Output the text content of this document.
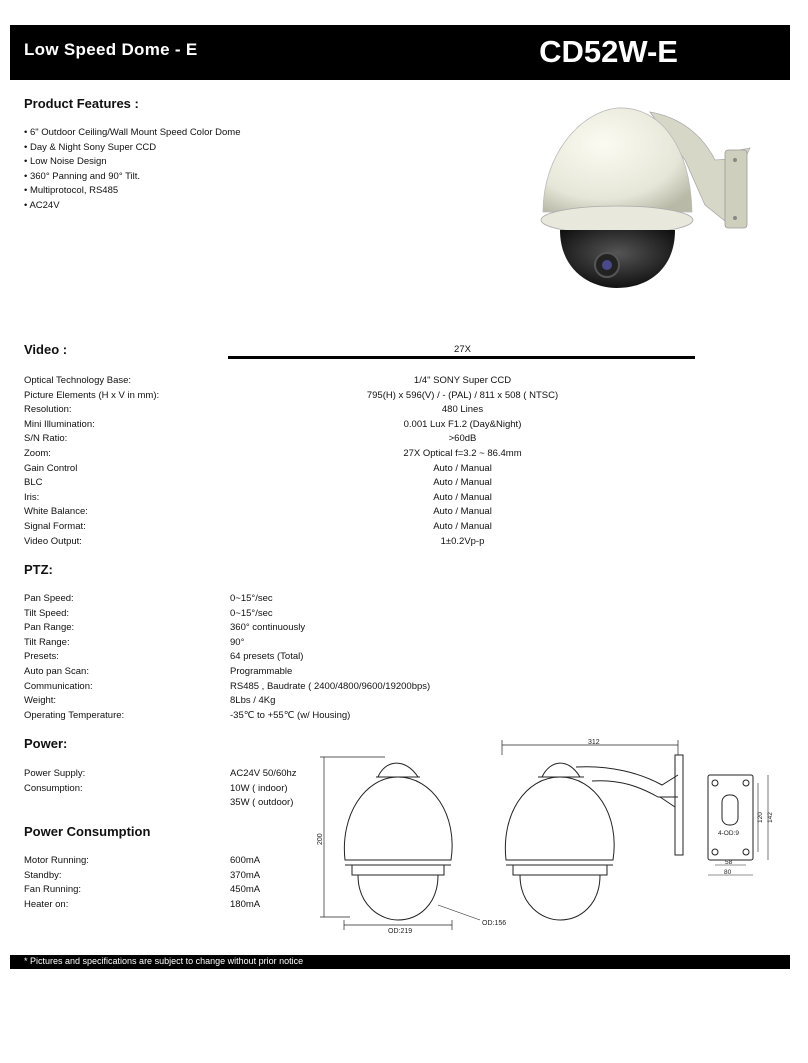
Low Speed Dome - E	CD52W-E
Product Features :
• 6" Outdoor Ceiling/Wall Mount Speed Color Dome
• Day & Night Sony Super CCD
• Low Noise Design
• 360° Panning and 90° Tilt.
• Multiprotocol, RS485
• AC24V
Video :	27X
Optical Technology Base:
Picture Elements (H x V in mm):
Resolution:
Mini Illumination:
S/N Ratio:
Zoom:
Gain Control
BLC
Iris:
White Balance:
Signal Format:
Video Output:
1/4" SONY Super CCD
795(H) x 596(V) / - (PAL) / 811 x 508 ( NTSC)
480 Lines
0.001 Lux F1.2 (Day&Night)
>60dB
27X Optical f=3.2 ~ 86.4mm
Auto / Manual
Auto / Manual
Auto / Manual
Auto / Manual
Auto / Manual
1±0.2Vp-p
PTZ:
Pan Speed:
Tilt Speed:
Pan Range:
Tilt Range:
Presets:
Auto pan Scan:
Communication:
Weight:
Operating Temperature:
0~15°/sec
0~15°/sec
360° continuously
90°
64 presets (Total)
Programmable
RS485 , Baudrate ( 2400/4800/9600/19200bps)
8Lbs / 4Kg
-35℃ to +55℃ (w/ Housing)
Power:
Power Supply:
Consumption:
AC24V 50/60hz
10W ( indoor)
35W ( outdoor)
Power Consumption
Motor Running:
Standby:
Fan Running:
Heater on:
600mA
370mA
450mA
180mA
312
200
OD:219
OD:156
120 142
4-OD:9
58
80
* Pictures and specifications are subject to change without prior notice
